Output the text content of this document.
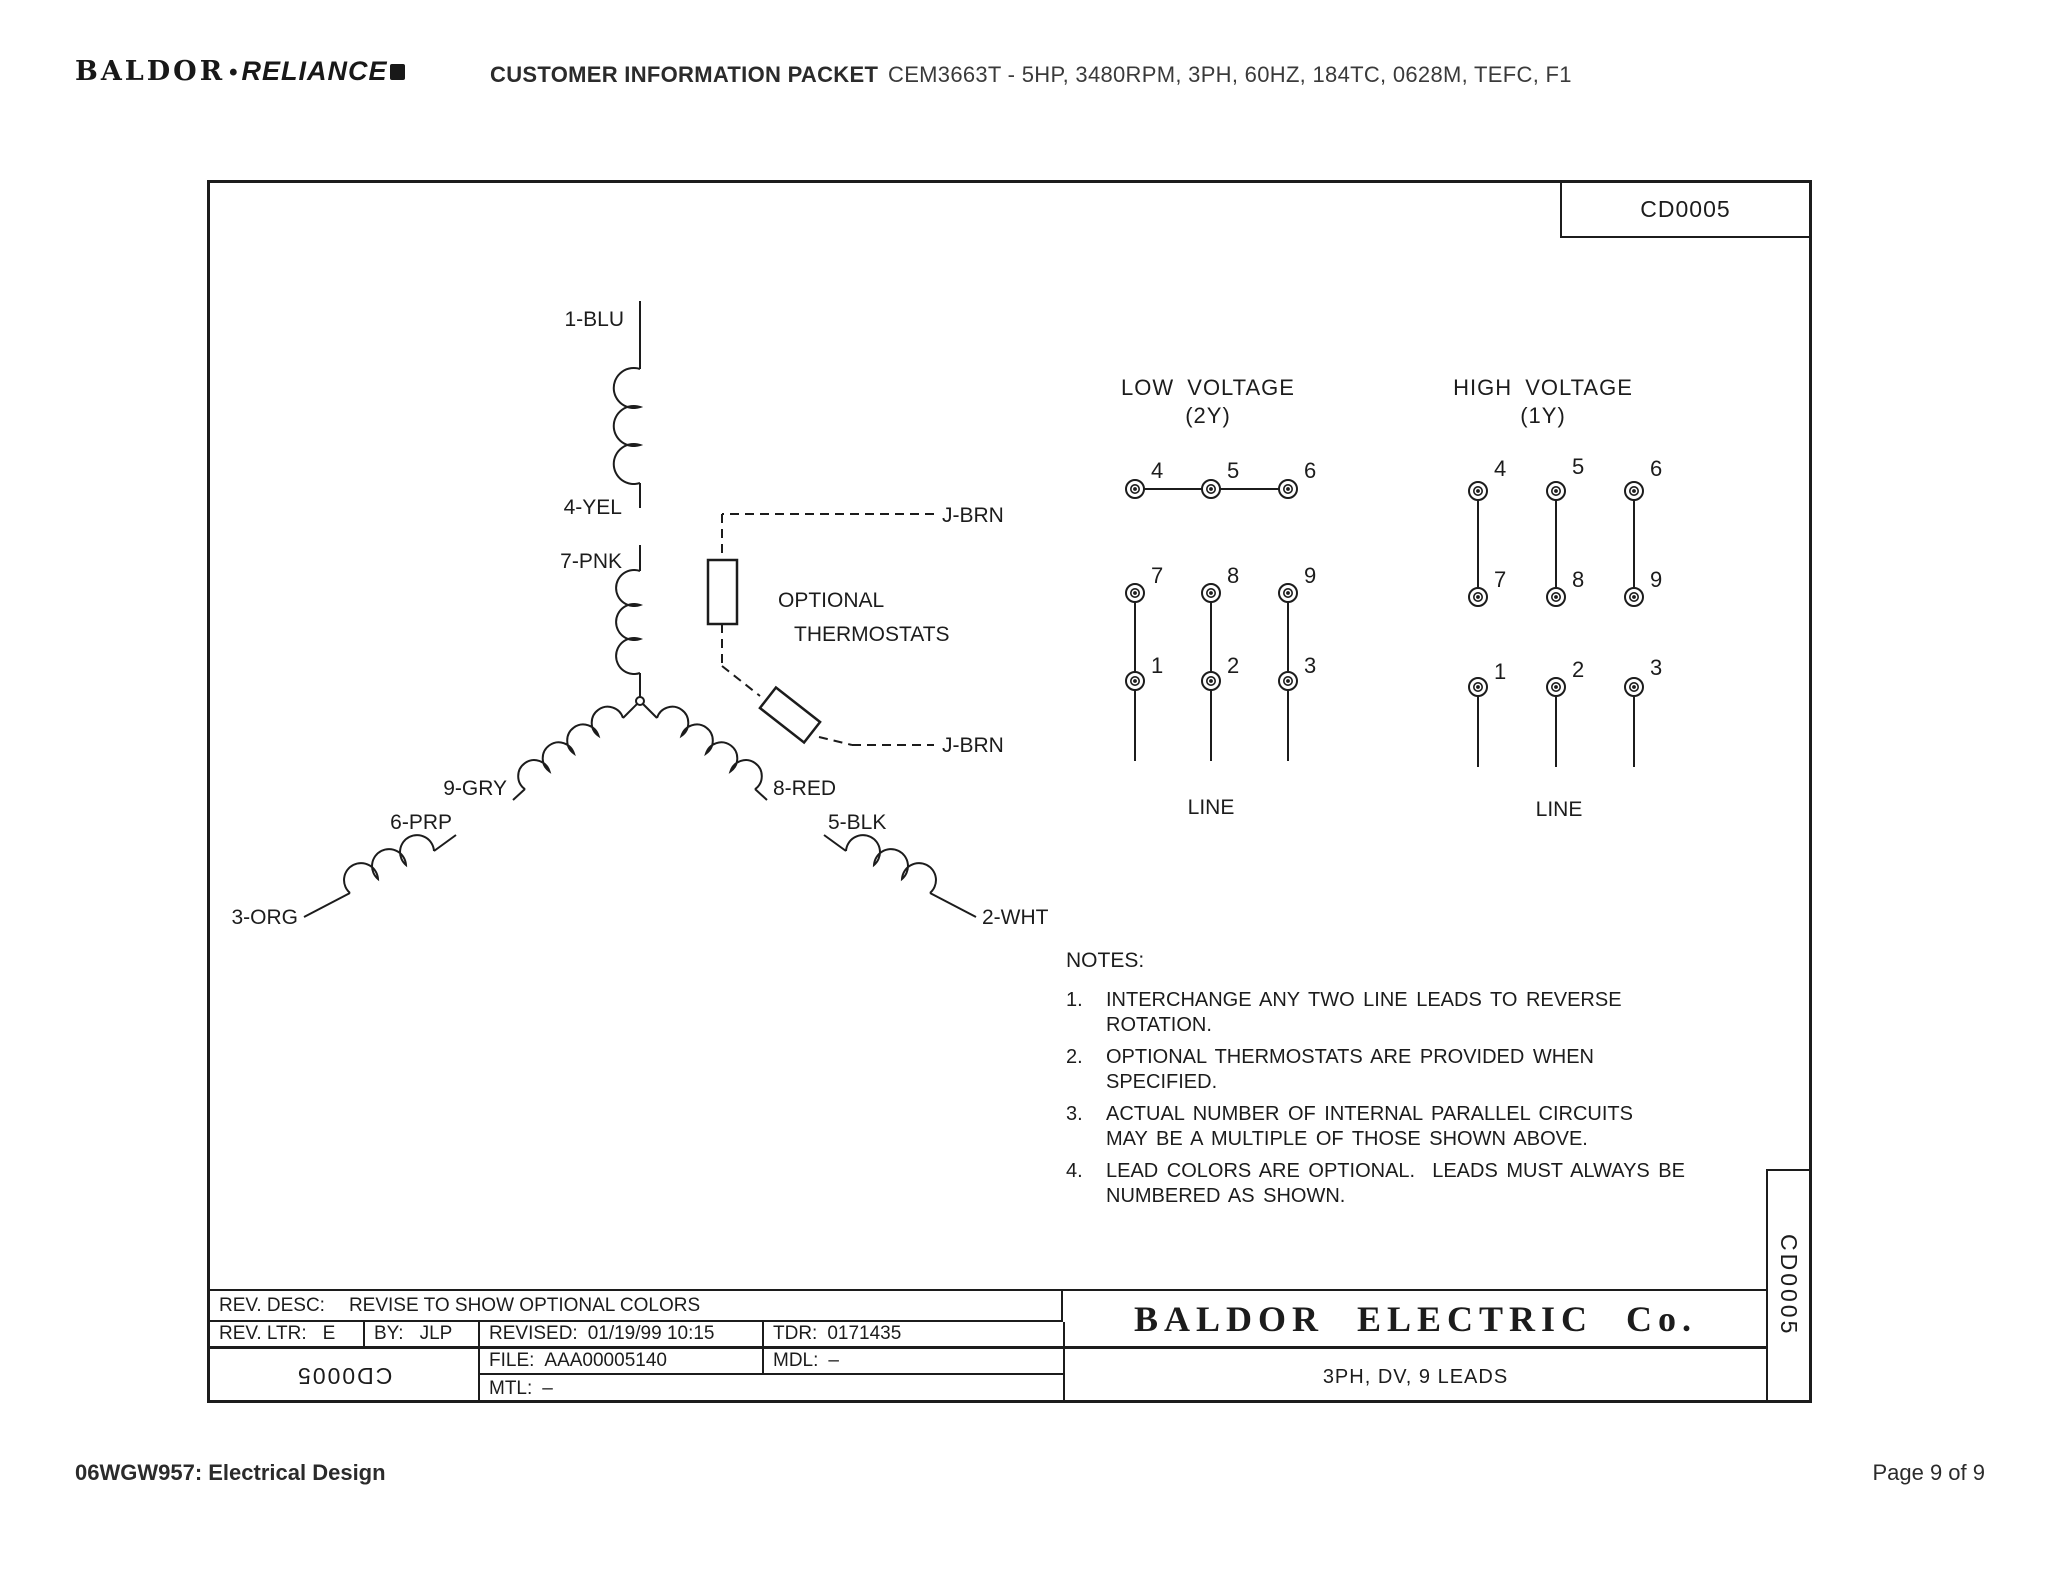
BALDOR • RELIANCE	CUSTOMER INFORMATION PACKET CEM3663T - 5HP, 3480RPM, 3PH, 60HZ, 184TC, 0628M, TEFC, F1
1-BLU
4-YEL
7-PNK
9-GRY
6-PRP
3-ORG
8-RED
5-BLK
2-WHT
J-BRN
J-BRN
OPTIONAL
THERMOSTATS
LOW VOLTAGE
(2Y)
4	5	6
7	8	9
1	2	3
LINE
HIGH VOLTAGE
(1Y)
4	5	6
7	8	9
1	2	3
LINE
CD0005
NOTES:
1.	INTERCHANGE ANY TWO LINE LEADS TO REVERSE
ROTATION.
2.	OPTIONAL THERMOSTATS ARE PROVIDED WHEN
SPECIFIED.
3.	ACTUAL NUMBER OF INTERNAL PARALLEL CIRCUITS
MAY BE A MULTIPLE OF THOSE SHOWN ABOVE.
4.	LEAD COLORS ARE OPTIONAL.  LEADS MUST ALWAYS BE
NUMBERED AS SHOWN.
REV. DESC: REVISE TO SHOW OPTIONAL COLORS
REV. LTR: E BY: JLP REVISED: 01/19/99 10:15	TDR: 0171435
CD0005
FILE: AAA00005140	MDL: –
MTL: –
BALDOR ELECTRIC Co.
3PH, DV, 9 LEADS
CD0005
06WGW957: Electrical Design	Page 9 of 9
